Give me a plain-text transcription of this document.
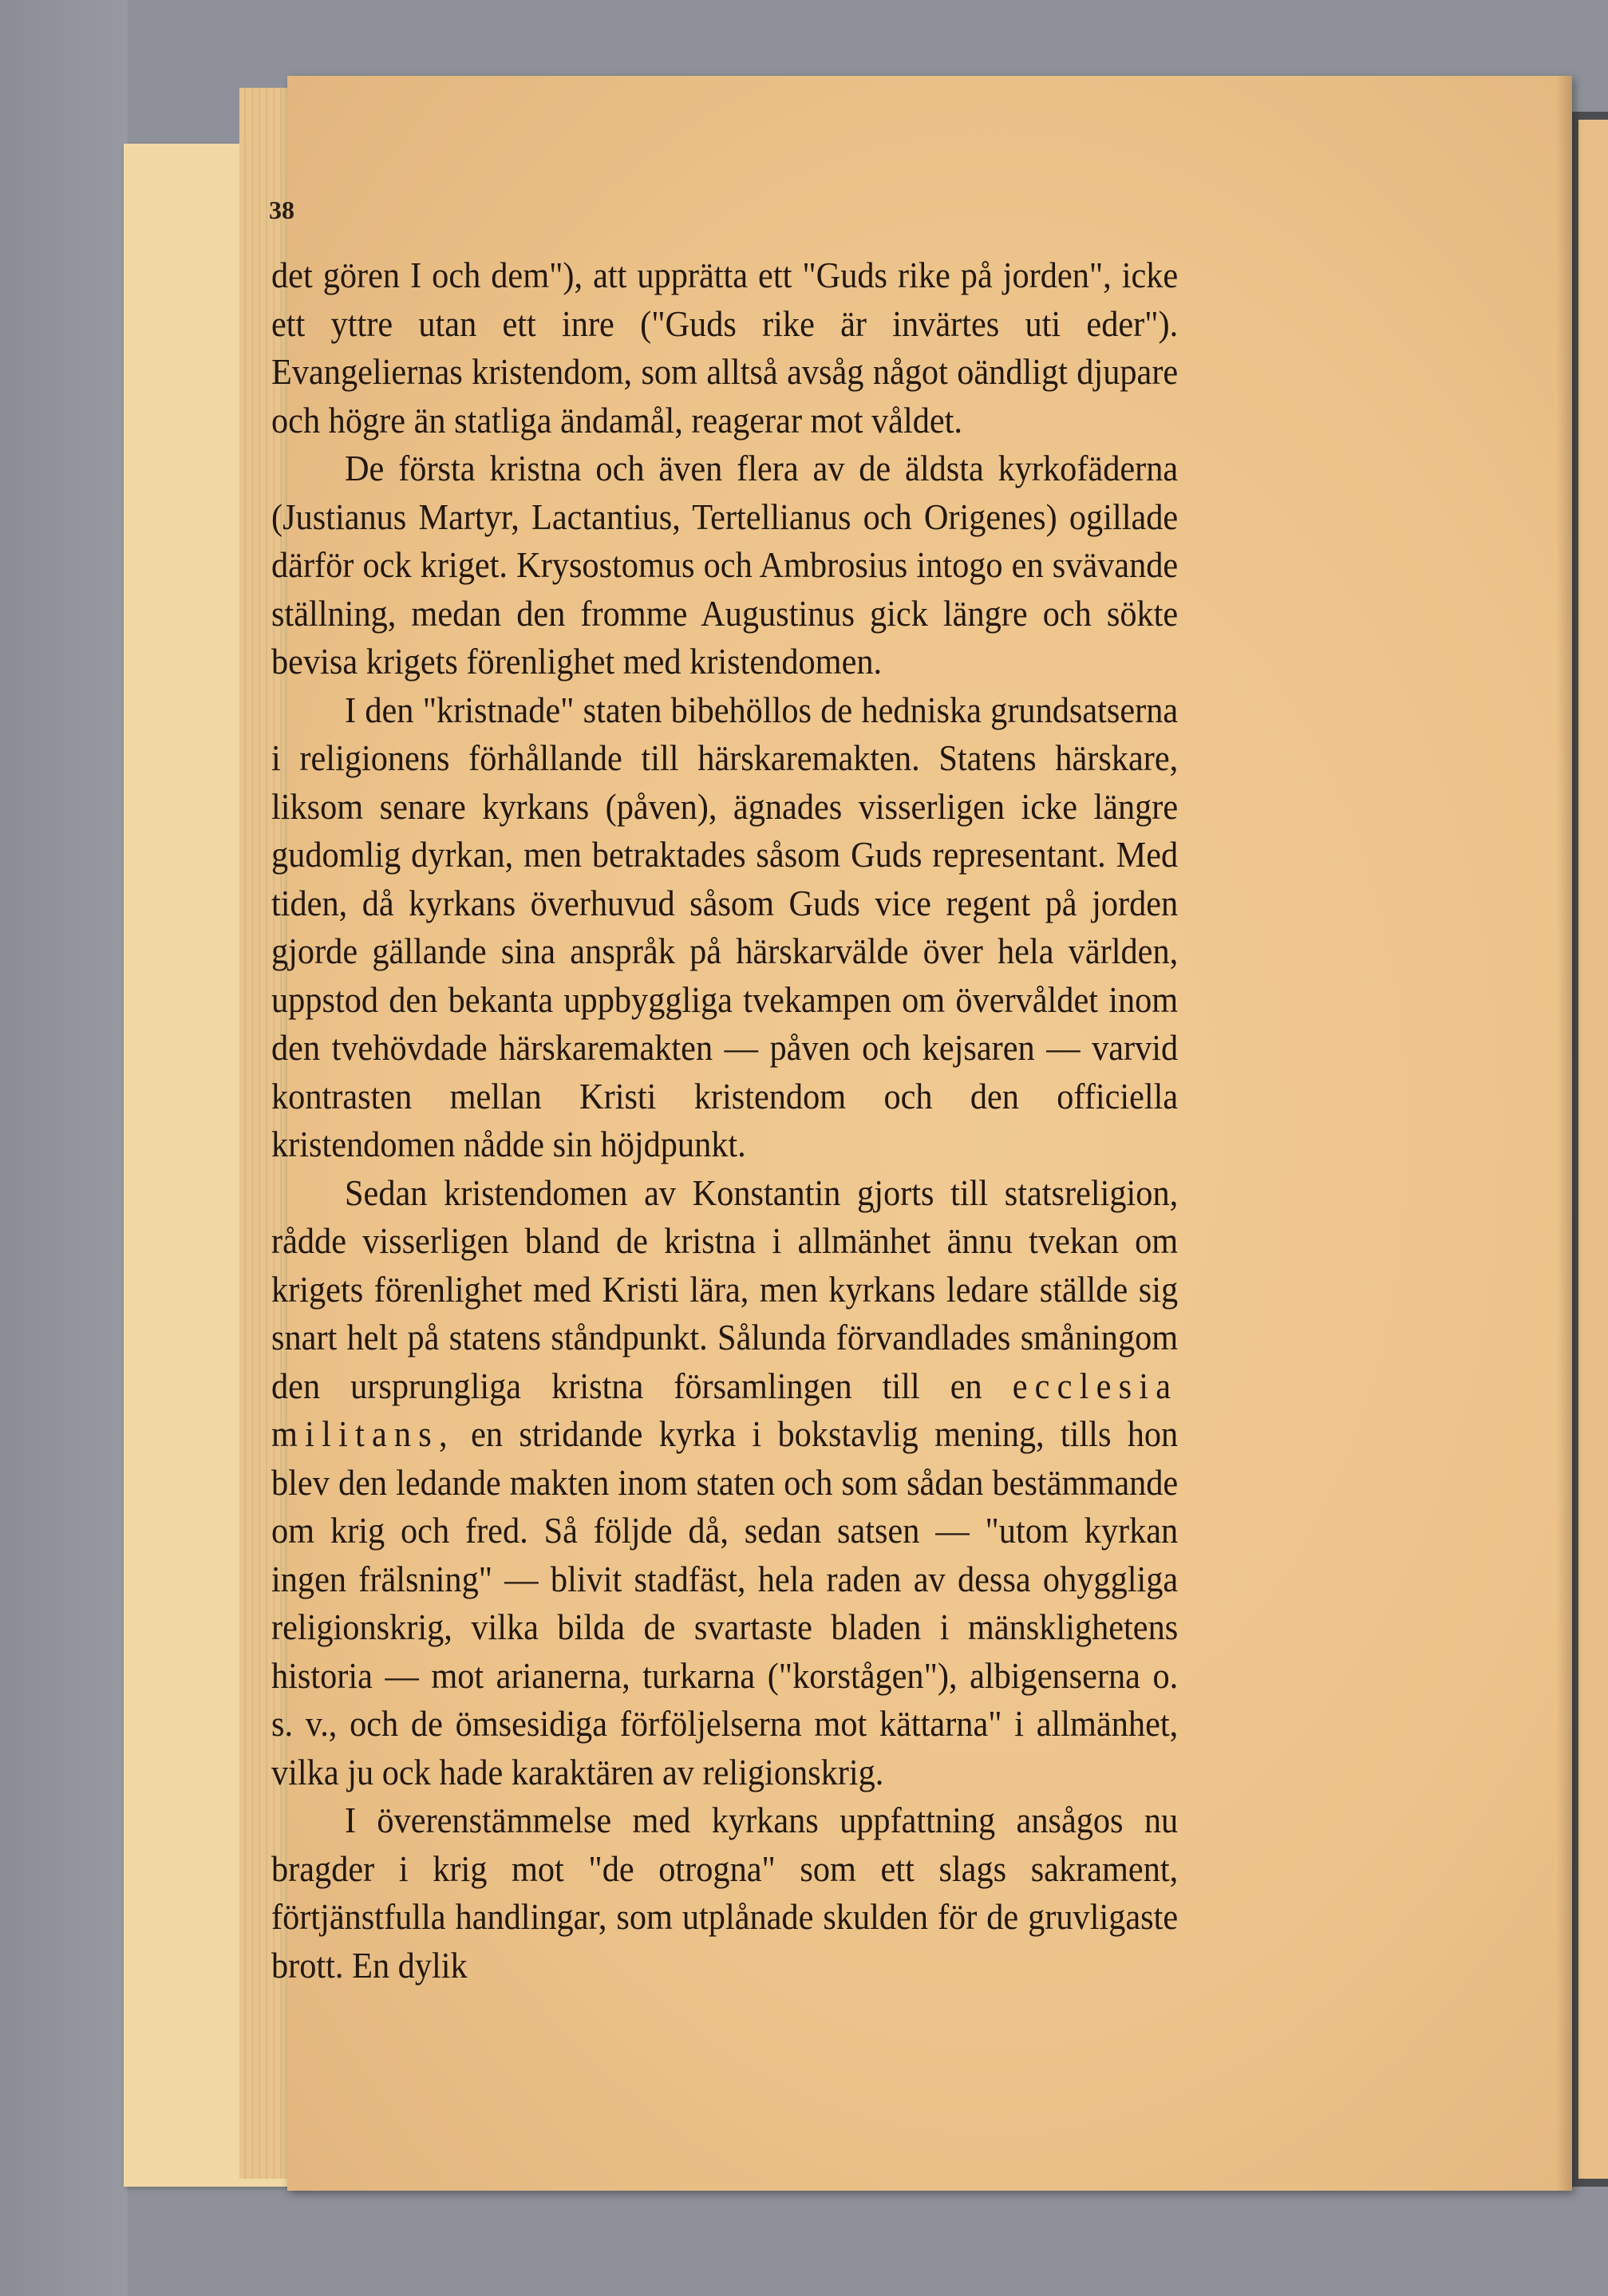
38

det gören I och dem"), att upprätta ett "Guds rike på jorden", icke ett yttre utan ett inre ("Guds rike är invärtes uti eder"). Evangeliernas kristendom, som alltså avsåg något oändligt djupare och högre än statliga ändamål, reagerar mot våldet.

De första kristna och även flera av de äldsta kyrkofäderna (Justianus Martyr, Lactantius, Tertellianus och Origenes) ogillade därför ock kriget. Krysostomus och Ambrosius intogo en svävande ställning, medan den fromme Augustinus gick längre och sökte bevisa krigets förenlighet med kristendomen.

I den "kristnade" staten bibehöllos de hedniska grundsatserna i religionens förhållande till härskaremakten. Statens härskare, liksom senare kyrkans (påven), ägnades visserligen icke längre gudomlig dyrkan, men betraktades såsom Guds representant. Med tiden, då kyrkans överhuvud såsom Guds vice regent på jorden gjorde gällande sina anspråk på härskarvälde över hela världen, uppstod den bekanta uppbyggliga tvekampen om övervåldet inom den tvehövdade härskaremakten — påven och kejsaren — varvid kontrasten mellan Kristi kristendom och den officiella kristendomen nådde sin höjdpunkt.

Sedan kristendomen av Konstantin gjorts till statsreligion, rådde visserligen bland de kristna i allmänhet ännu tvekan om krigets förenlighet med Kristi lära, men kyrkans ledare ställde sig snart helt på statens ståndpunkt. Sålunda förvandlades småningom den ursprungliga kristna församlingen till en ecclesia militans, en stridande kyrka i bokstavlig mening, tills hon blev den ledande makten inom staten och som sådan bestämmande om krig och fred. Så följde då, sedan satsen — "utom kyrkan ingen frälsning" — blivit stadfäst, hela raden av dessa ohyggliga religionskrig, vilka bilda de svartaste bladen i mänsklighetens historia — mot arianerna, turkarna ("korstågen"), albigenserna o. s. v., och de ömsesidiga förföljelserna mot kättarna" i allmänhet, vilka ju ock hade karaktären av religionskrig.

I överenstämmelse med kyrkans uppfattning ansågos nu bragder i krig mot "de otrogna" som ett slags sakrament, förtjänstfulla handlingar, som utplånade skulden för de gruvligaste brott. En dylik
